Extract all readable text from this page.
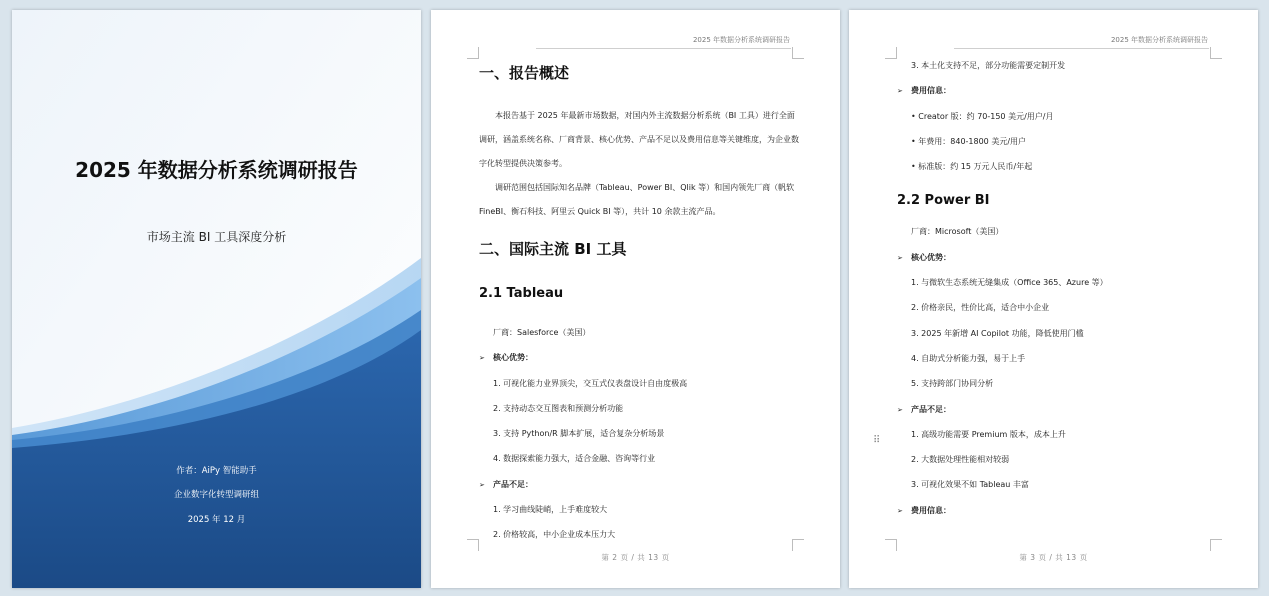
2025 年数据分析系统调研报告
市场主流 BI 工具深度分析
作者：AiPy 智能助手
企业数字化转型调研组
2025 年 12 月
2025 年数据分析系统调研报告
一、报告概述
本报告基于 2025 年最新市场数据，对国内外主流数据分析系统（BI 工具）进行全面调研，涵盖系统名称、厂商背景、核心优势、产品不足以及费用信息等关键维度，为企业数字化转型提供决策参考。
调研范围包括国际知名品牌（Tableau、Power BI、Qlik 等）和国内领先厂商（帆软 FineBI、衡石科技、阿里云 Quick BI 等），共计 10 余款主流产品。
二、国际主流 BI 工具
2.1 Tableau
厂商：Salesforce（美国）
➢ 核心优势：
1. 可视化能力业界顶尖，交互式仪表盘设计自由度极高
2. 支持动态交互图表和预测分析功能
3. 支持 Python/R 脚本扩展，适合复杂分析场景
4. 数据探索能力强大，适合金融、咨询等行业
➢ 产品不足：
1. 学习曲线陡峭，上手难度较大
2. 价格较高，中小企业成本压力大
第 2 页 / 共 13 页
2025 年数据分析系统调研报告
⠿
3. 本土化支持不足，部分功能需要定制开发
➢ 费用信息：
• Creator 版：约 70-150 美元/用户/月
• 年费用：840-1800 美元/用户
• 标准版：约 15 万元人民币/年起
2.2 Power BI
厂商：Microsoft（美国）
➢ 核心优势：
1. 与微软生态系统无缝集成（Office 365、Azure 等）
2. 价格亲民，性价比高，适合中小企业
3. 2025 年新增 AI Copilot 功能，降低使用门槛
4. 自助式分析能力强，易于上手
5. 支持跨部门协同分析
➢ 产品不足：
1. 高级功能需要 Premium 版本，成本上升
2. 大数据处理性能相对较弱
3. 可视化效果不如 Tableau 丰富
➢ 费用信息：
第 3 页 / 共 13 页
